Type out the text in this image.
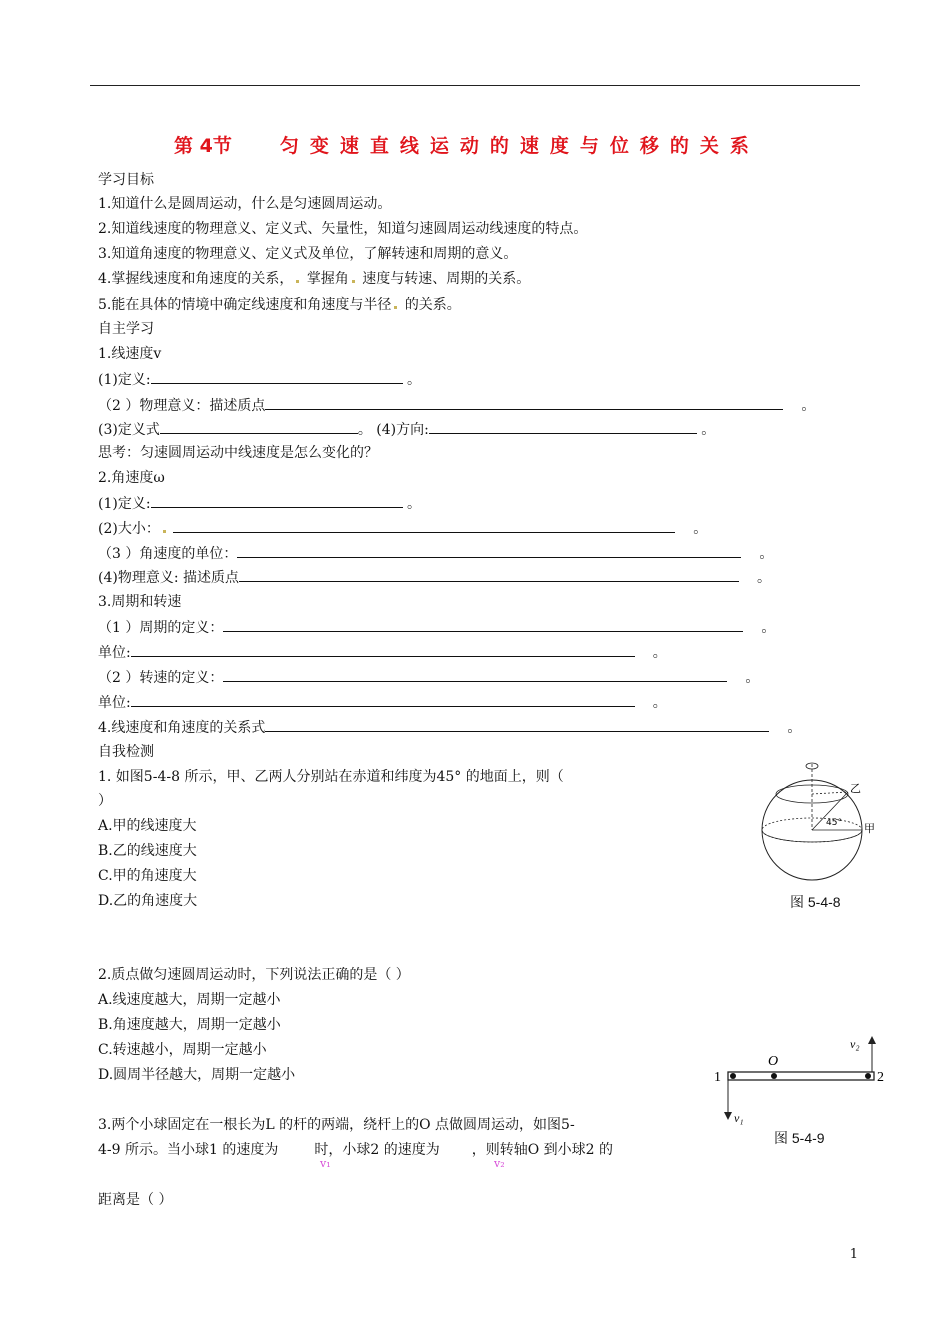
第 4节	匀变速直线运动的速度与位移的关系
学习目标
1.知道什么是圆周运动，什么是匀速圆周运动。
2.知道线速度的物理意义、定义式、矢量性，知道匀速圆周运动线速度的特点。
3.知道角速度的物理意义、定义式及单位，了解转速和周期的意义。
4.掌握线速度和角速度的关系， 掌握角 速度与转速、周期的关系。
5.能在具体的情境中确定线速度和角速度与半径 的关系。
自主学习
1.线速度v
(1)定义:	。
（2 ）物理意义：描述质点	。
(3)定义式	。 (4)方向:	。
思考：匀速圆周运动中线速度是怎么变化的？
2.角速度ω
(1)定义:	。
(2)大小：	。
（3 ）角速度的单位：	。
(4)物理意义: 描述质点	。
3.周期和转速
（1 ）周期的定义：	。
单位:	。
（2 ）转速的定义：	。
单位:	。
4.线速度和角速度的关系式	。
自我检测
1. 如图5-4-8 所示，甲、乙两人分别站在赤道和纬度为45° 的地面上，则（
）
A.甲的线速度大
B.乙的线速度大
C.甲的角速度大
D.乙的角速度大
乙
甲
45°
图 5-4-8
2.质点做匀速圆周运动时，下列说法正确的是（ ）
A.线速度越大，周期一定越小
B.角速度越大，周期一定越小
C.转速越小，周期一定越小
D.圆周半径越大，周期一定越小	1	2
O
v₁
v₂
图 5-4-9
3.两个小球固定在一根长为L 的杆的两端，绕杆上的O 点做圆周运动，如图5-
4-9 所示。当小球1 的速度为	时，小球2 的速度为 ，则转轴O 到小球2 的
v₁	v₂
距离是（ ）
1
